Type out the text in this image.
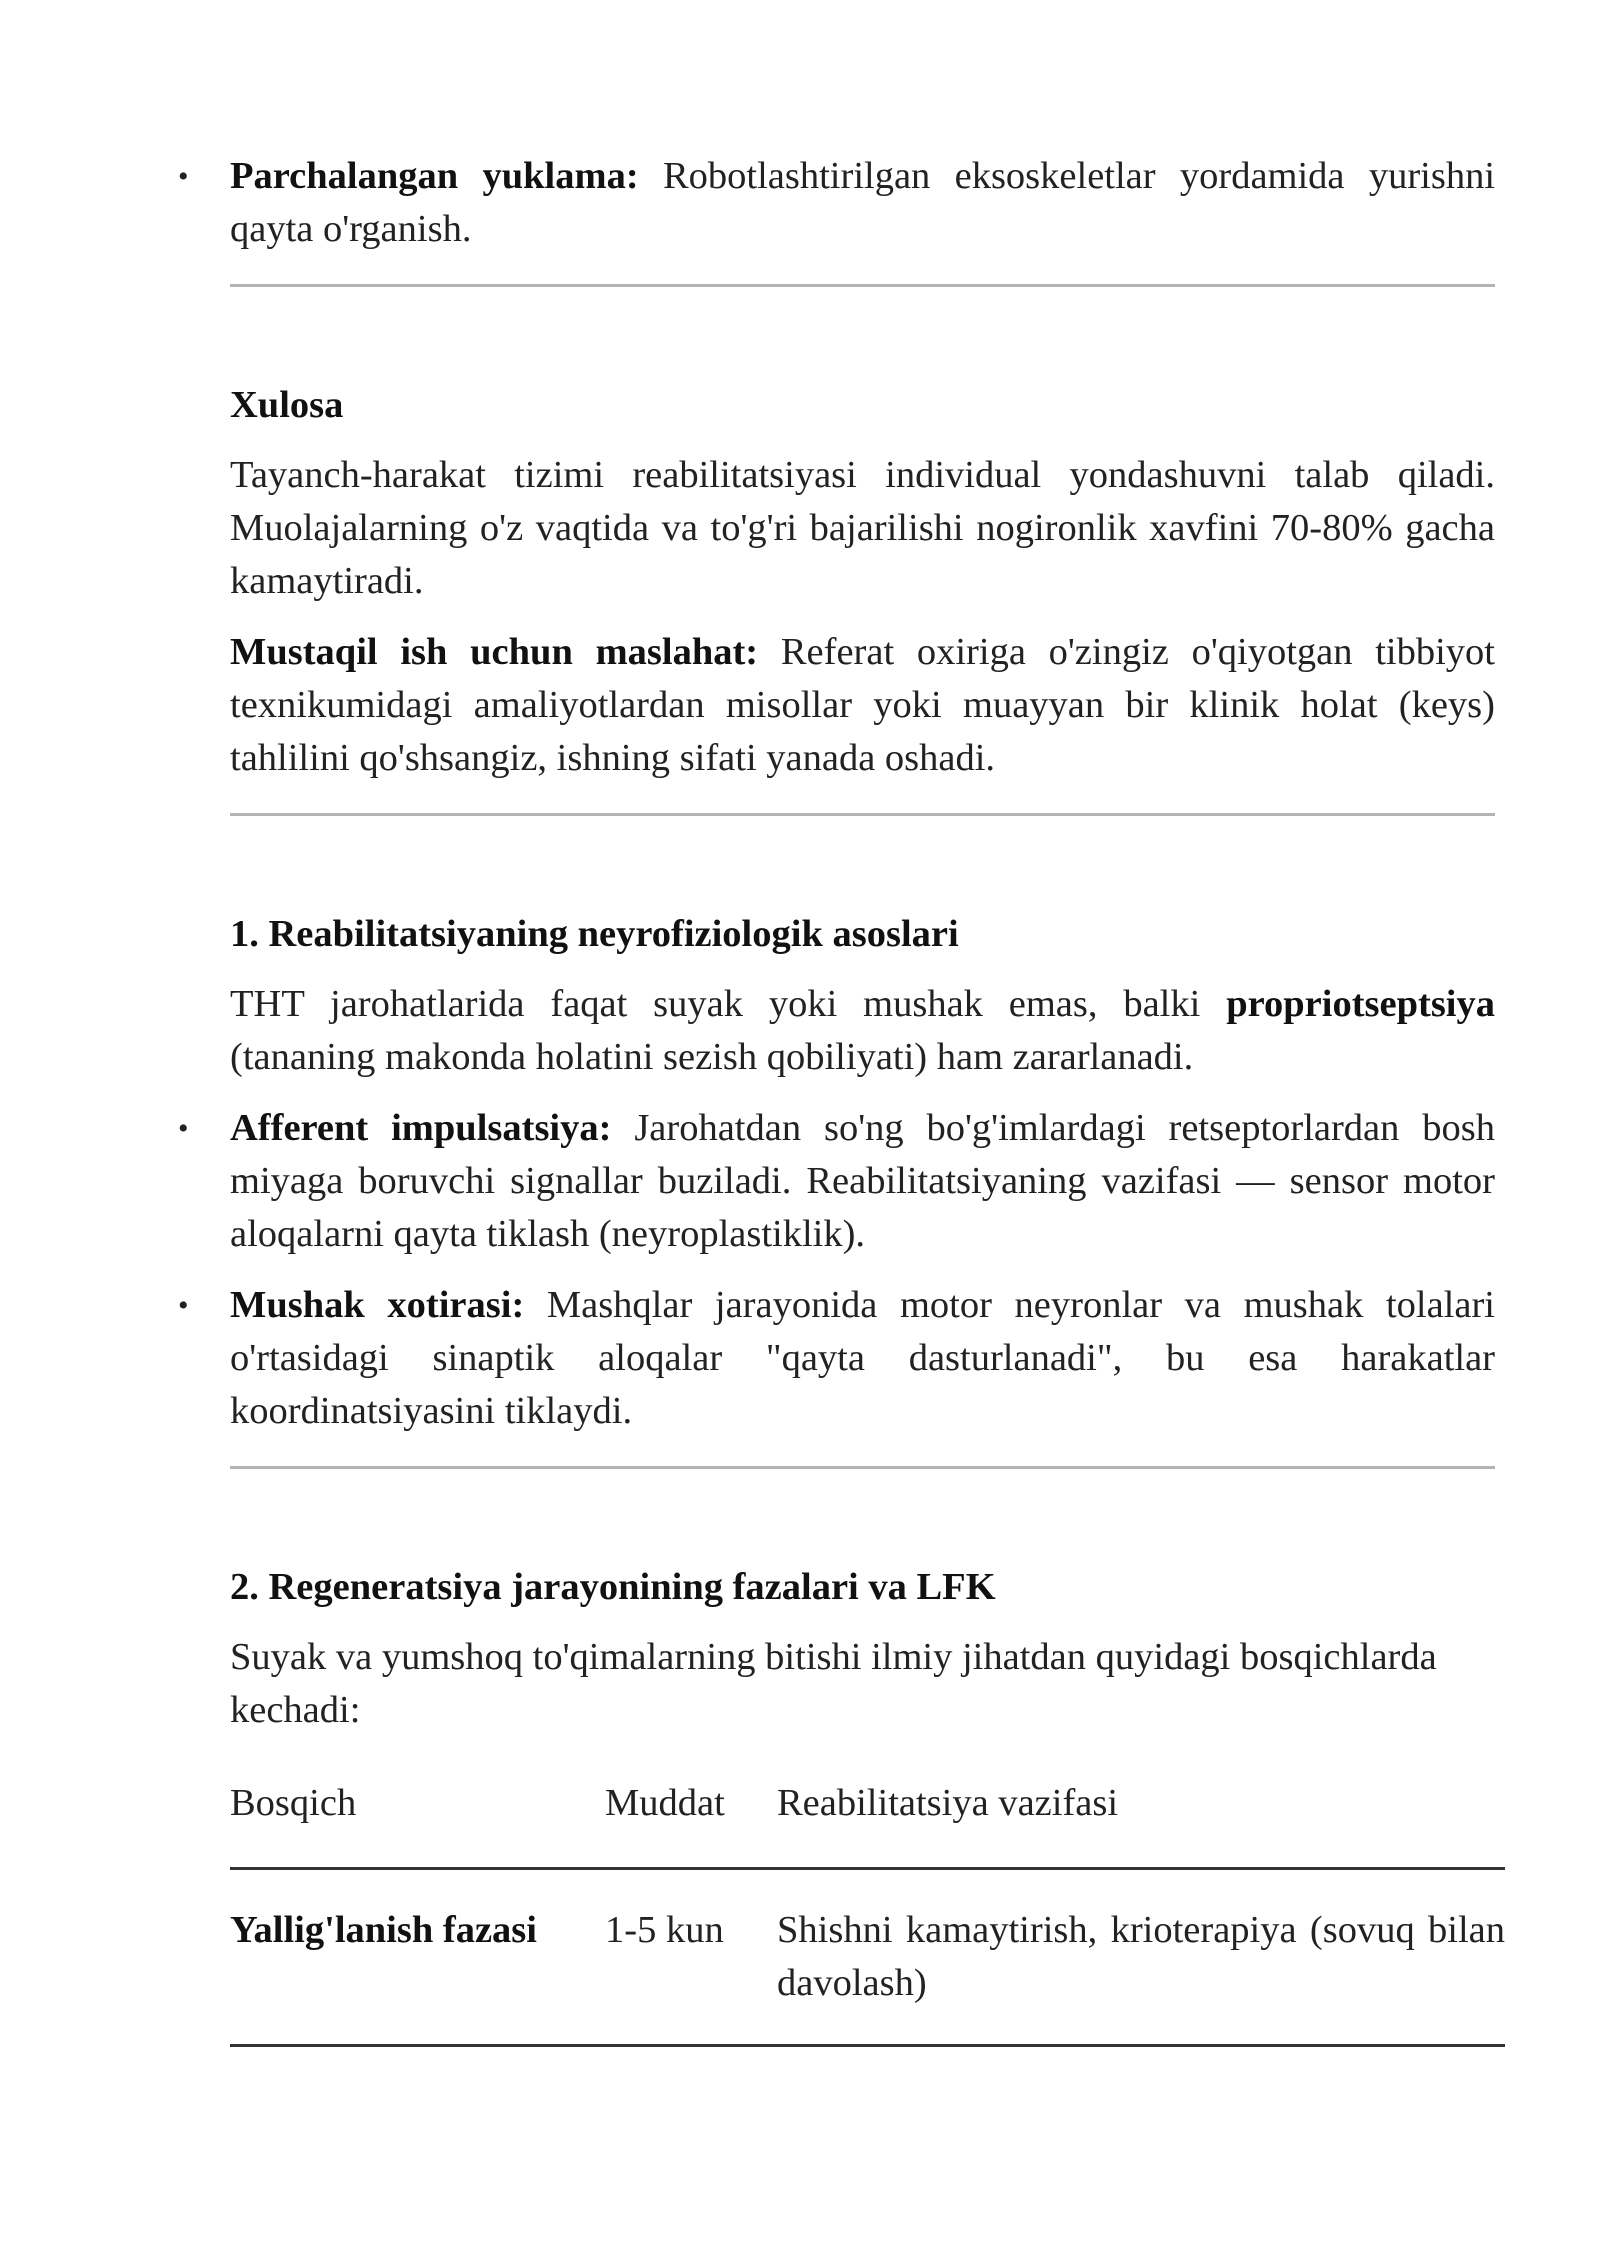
• Parchalangan yuklama: Robotlashtirilgan eksoskeletlar yordamida yurishni qayta o'rganish.

Xulosa

Tayanch-harakat tizimi reabilitatsiyasi individual yondashuvni talab qiladi. Muolajalarning o'z vaqtida va to'g'ri bajarilishi nogironlik xavfini 70-80% gacha kamaytiradi.

Mustaqil ish uchun maslahat: Referat oxiriga o'zingiz o'qiyotgan tibbiyot texnikumidagi amaliyotlardan misollar yoki muayyan bir klinik holat (keys) tahlilini qo'shsangiz, ishning sifati yanada oshadi.

1. Reabilitatsiyaning neyrofiziologik asoslari

THT jarohatlarida faqat suyak yoki mushak emas, balki propriotseptsiya (tananing makonda holatini sezish qobiliyati) ham zararlanadi.

• Afferent impulsatsiya: Jarohatdan so'ng bo'g'imlardagi retseptorlardan bosh miyaga boruvchi signallar buziladi. Reabilitatsiyaning vazifasi — sensor motor aloqalarni qayta tiklash (neyroplastiklik).

• Mushak xotirasi: Mashqlar jarayonida motor neyronlar va mushak tolalari o'rtasidagi sinaptik aloqalar "qayta dasturlanadi", bu esa harakatlar koordinatsiyasini tiklaydi.

2. Regeneratsiya jarayonining fazalari va LFK

Suyak va yumshoq to'qimalarning bitishi ilmiy jihatdan quyidagi bosqichlarda kechadi:

Bosqich	Muddat	Reabilitatsiya vazifasi
Yallig'lanish fazasi	1-5 kun	Shishni kamaytirish, krioterapiya (sovuq bilan davolash)
